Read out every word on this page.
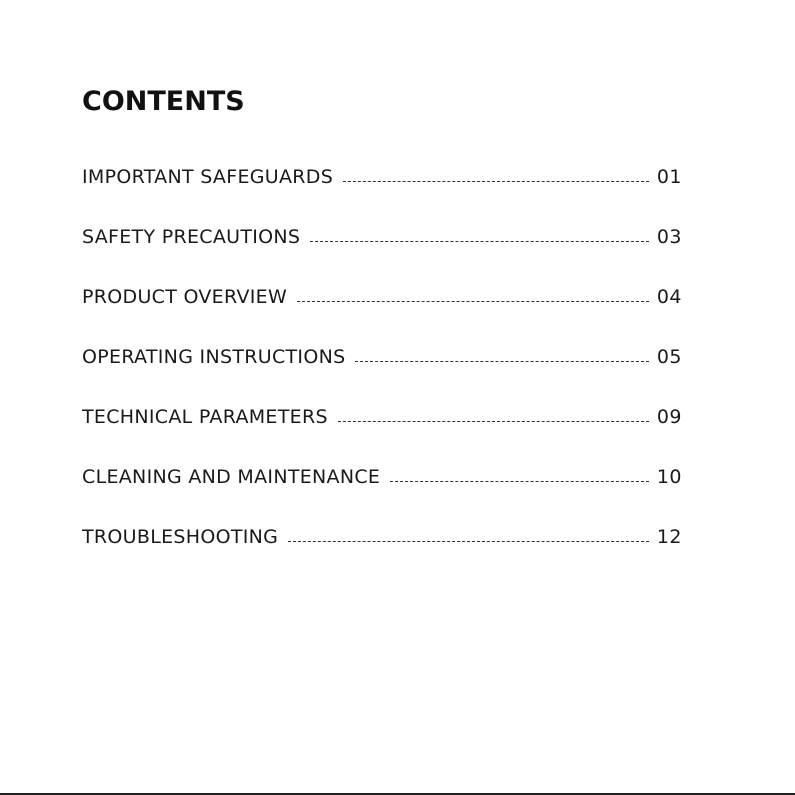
CONTENTS
IMPORTANT SAFEGUARDS	01
SAFETY PRECAUTIONS	03
PRODUCT OVERVIEW	04
OPERATING INSTRUCTIONS	05
TECHNICAL PARAMETERS	09
CLEANING AND MAINTENANCE	10
TROUBLESHOOTING	12
